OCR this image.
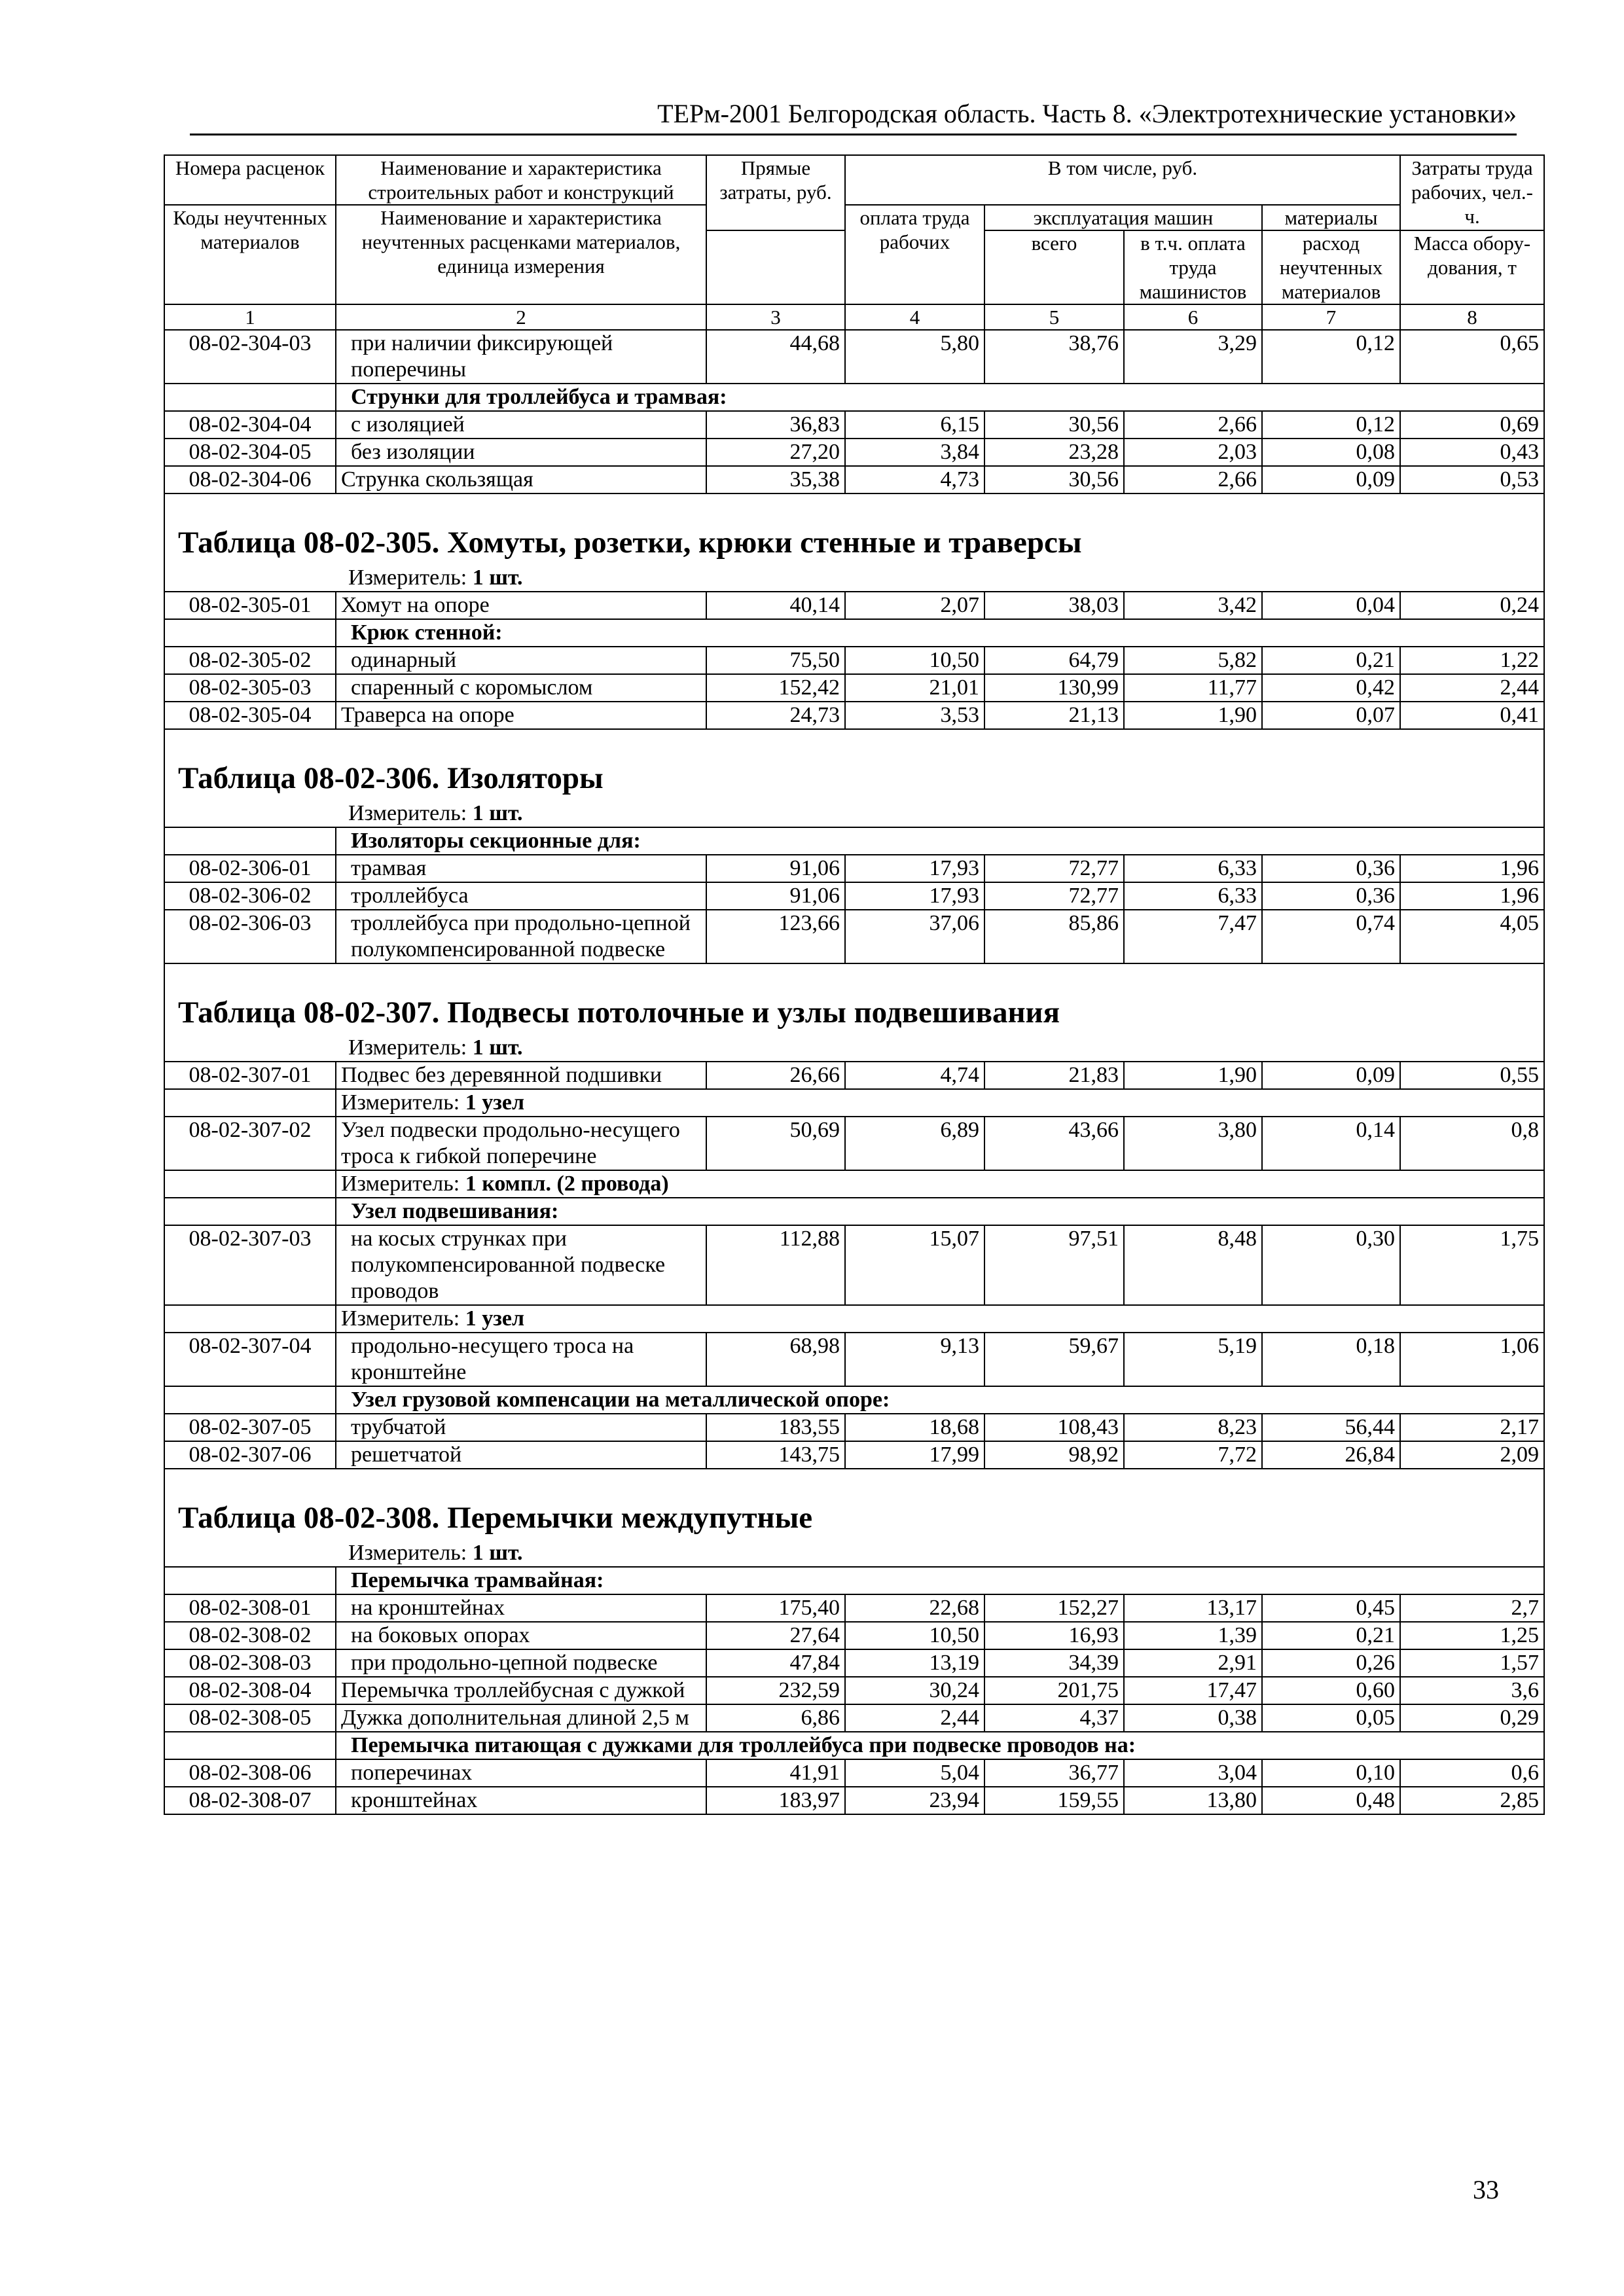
ТЕРм-2001 Белгородская область. Часть 8. «Электротехнические установки»
Номера расценок	Наименование и характеристика строительных работ и конструкций	Прямые затраты, руб.	В том числе, руб.				Затраты труда рабочих, чел.-ч.
Коды неучтенных материалов	Наименование и характеристика неучтенных расценками материалов, единица измерения		оплата труда рабочих	эксплуатация машин		материалы	
				всего	в т.ч. оплата труда машинистов	расход неучтенных материалов	
							Масса обору- дования, т
1	2	3	4	5	6	7	8
08-02-304-03	при наличии фиксирующей поперечины	44,68	5,80	38,76	3,29	0,12	0,65
	Струнки для троллейбуса и трамвая:						
08-02-304-04	с изоляцией	36,83	6,15	30,56	2,66	0,12	0,69
08-02-304-05	без изоляции	27,20	3,84	23,28	2,03	0,08	0,43
08-02-304-06	Струнка скользящая	35,38	4,73	30,56	2,66	0,09	0,53
Таблица 08-02-305. Хомуты, розетки, крюки стенные и траверсы							
Измеритель: 1 шт.							
08-02-305-01	Хомут на опоре	40,14	2,07	38,03	3,42	0,04	0,24
	Крюк стенной:						
08-02-305-02	одинарный	75,50	10,50	64,79	5,82	0,21	1,22
08-02-305-03	спаренный с коромыслом	152,42	21,01	130,99	11,77	0,42	2,44
08-02-305-04	Траверса на опоре	24,73	3,53	21,13	1,90	0,07	0,41
Таблица 08-02-306. Изоляторы							
Измеритель: 1 шт.							
	Изоляторы секционные для:						
08-02-306-01	трамвая	91,06	17,93	72,77	6,33	0,36	1,96
08-02-306-02	троллейбуса	91,06	17,93	72,77	6,33	0,36	1,96
08-02-306-03	троллейбуса при продольно-цепной полукомпенсированной подвеске	123,66	37,06	85,86	7,47	0,74	4,05
Таблица 08-02-307. Подвесы потолочные и узлы подвешивания							
Измеритель: 1 шт.							
08-02-307-01	Подвес без деревянной подшивки	26,66	4,74	21,83	1,90	0,09	0,55
	Измеритель: 1 узел						
08-02-307-02	Узел подвески продольно-несущего троса к гибкой поперечине	50,69	6,89	43,66	3,80	0,14	0,8
	Измеритель: 1 компл. (2 провода)						
	Узел подвешивания:						
08-02-307-03	на косых струнках при полукомпенсированной подвеске проводов	112,88	15,07	97,51	8,48	0,30	1,75
	Измеритель: 1 узел						
08-02-307-04	продольно-несущего троса на кронштейне	68,98	9,13	59,67	5,19	0,18	1,06
	Узел грузовой компенсации на металлической опоре:						
08-02-307-05	трубчатой	183,55	18,68	108,43	8,23	56,44	2,17
08-02-307-06	решетчатой	143,75	17,99	98,92	7,72	26,84	2,09
Таблица 08-02-308. Перемычки междупутные							
Измеритель: 1 шт.							
	Перемычка трамвайная:						
08-02-308-01	на кронштейнах	175,40	22,68	152,27	13,17	0,45	2,7
08-02-308-02	на боковых опорах	27,64	10,50	16,93	1,39	0,21	1,25
08-02-308-03	при продольно-цепной подвеске	47,84	13,19	34,39	2,91	0,26	1,57
08-02-308-04	Перемычка троллейбусная с дужкой	232,59	30,24	201,75	17,47	0,60	3,6
08-02-308-05	Дужка дополнительная длиной 2,5 м	6,86	2,44	4,37	0,38	0,05	0,29
	Перемычка питающая с дужками для троллейбуса при подвеске проводов на:						
08-02-308-06	поперечинах	41,91	5,04	36,77	3,04	0,10	0,6
08-02-308-07	кронштейнах	183,97	23,94	159,55	13,80	0,48	2,85
33
